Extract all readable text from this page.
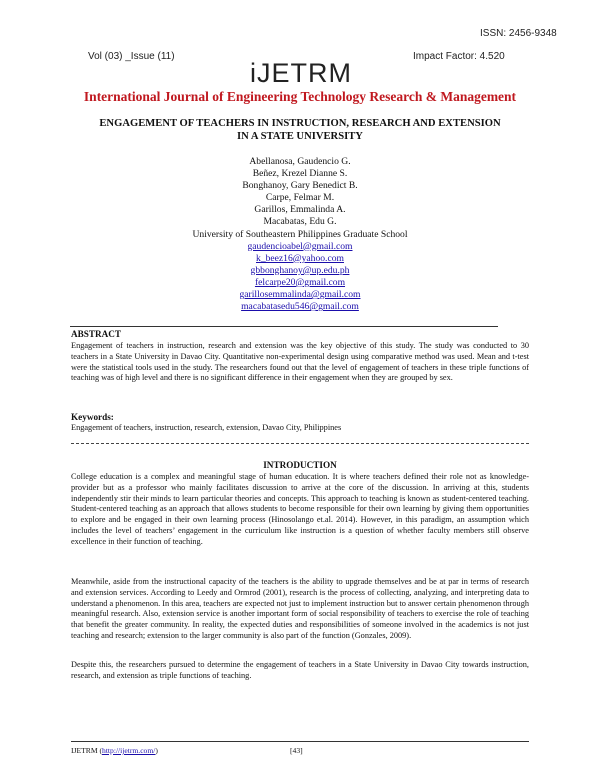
ISSN: 2456-9348
Vol (03) _Issue (11)	Impact Factor: 4.520
iJETRM
International Journal of Engineering Technology Research & Management
ENGAGEMENT OF TEACHERS IN INSTRUCTION, RESEARCH AND EXTENSION
IN A STATE UNIVERSITY
Abellanosa, Gaudencio G.
Beñez, Krezel Dianne S.
Bonghanoy, Gary Benedict B.
Carpe, Felmar M.
Garillos, Emmalinda A.
Macabatas, Edu G.
University of Southeastern Philippines Graduate School
gaudencioabel@gmail.com
k_beez16@yahoo.com
gbbonghanoy@up.edu.ph
felcarpe20@gmail.com
garillosemmalinda@gmail.com
macabatasedu546@gmail.com
ABSTRACT
Engagement of teachers in instruction, research and extension was the key objective of this study. The study was conducted to 30 teachers in a State University in Davao City. Quantitative non-experimental design using comparative method was used. Mean and t-test were the statistical tools used in the study. The researchers found out that the level of engagement of teachers in these triple functions of teaching was of high level and there is no significant difference in their engagement when they are grouped by sex.
Keywords:
Engagement of teachers, instruction, research, extension, Davao City, Philippines
INTRODUCTION
College education is a complex and meaningful stage of human education. It is where teachers defined their role not as knowledge-provider but as a professor who mainly facilitates discussion to arrive at the core of the discussion. In arriving at this, students independently stir their minds to learn particular theories and concepts. This approach to teaching is known as student-centered teaching. Student-centered teaching as an approach that allows students to become responsible for their own learning by giving them opportunities to explore and be engaged in their own learning process (Hinosolango et.al. 2014). However, in this paradigm, an assumption which includes the level of teachers’ engagement in the curriculum like instruction is a question of whether faculty members still observe excellence in their function of teaching.
Meanwhile, aside from the instructional capacity of the teachers is the ability to upgrade themselves and be at par in terms of research and extension services. According to Leedy and Ormrod (2001), research is the process of collecting, analyzing, and interpreting data to understand a phenomenon. In this area, teachers are expected not just to implement instruction but to answer certain phenomenon through meaningful research. Also, extension service is another important form of social responsibility of teachers to exercise the role of teaching that benefit the greater community. In reality, the expected duties and responsibilities of someone involved in the academics is not just teaching and research; extension to the larger community is also part of the function (Gonzales, 2009).
Despite this, the researchers pursued to determine the engagement of teachers in a State University in Davao City towards instruction, research, and extension as triple functions of teaching.
IJETRM (http://ijetrm.com/)	[43]
